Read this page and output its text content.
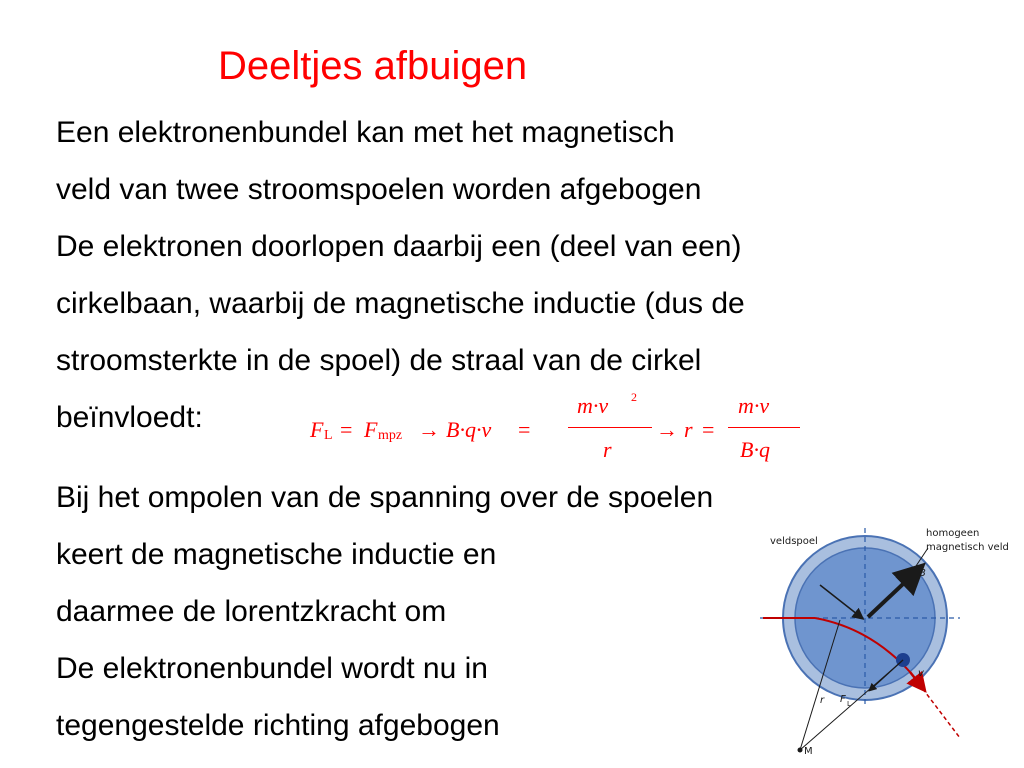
Deeltjes afbuigen

Een elektronenbundel kan met het magnetisch
veld van twee stroomspoelen worden afgebogen
De elektronen doorlopen daarbij een (deel van een)
cirkelbaan, waarbij de magnetische inductie (dus de
stroomsterkte in de spoel) de straal van de cirkel
beïnvloedt:	F L = F mpz → B·q·v =
m·v 2
r
→ r =
m·v
B·q

Bij het ompolen van de spanning over de spoelen
keert de magnetische inductie en
daarmee de lorentzkracht om
De elektronenbundel wordt nu in
tegengestelde richting afgebogen

veldspoel
homogeen
magnetisch veld
B
v
r F L
M
